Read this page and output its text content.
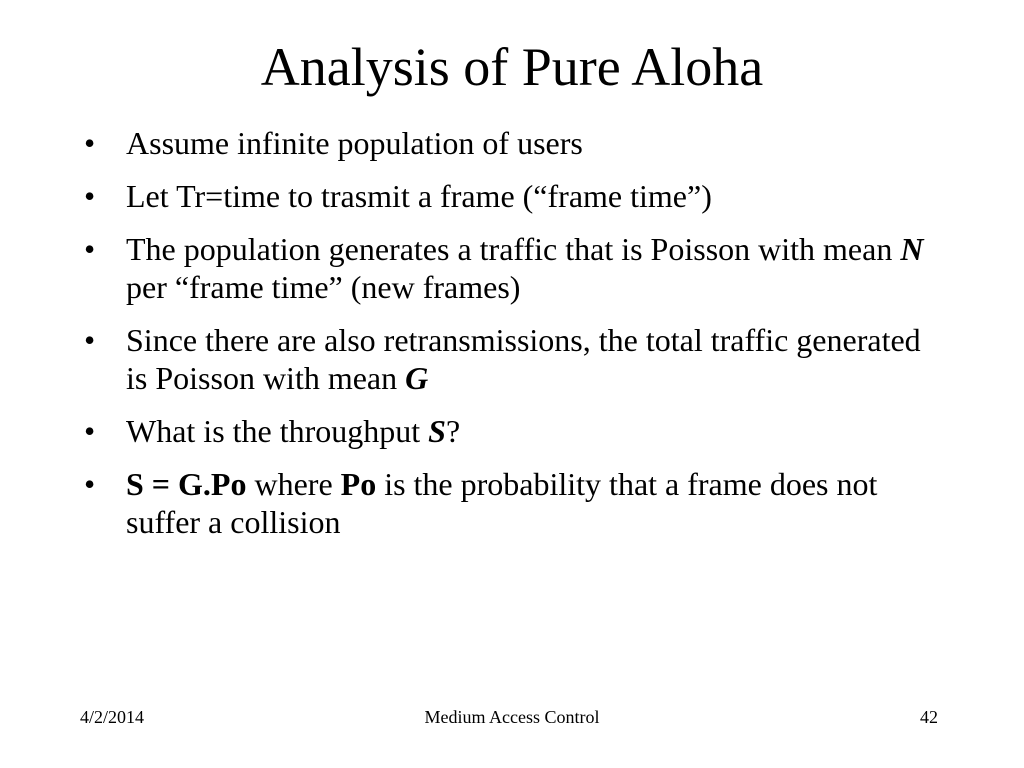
Analysis of Pure Aloha
• Assume infinite population of users
• Let Tr=time to trasmit a frame (“frame time”)
• The population generates a traffic that is Poisson with mean N per “frame time” (new frames)
• Since there are also retransmissions, the total traffic generated is Poisson with mean G
• What is the throughput S?
• S = G.Po where Po is the probability that a frame does not suffer a collision
4/2/2014	Medium Access Control	42
